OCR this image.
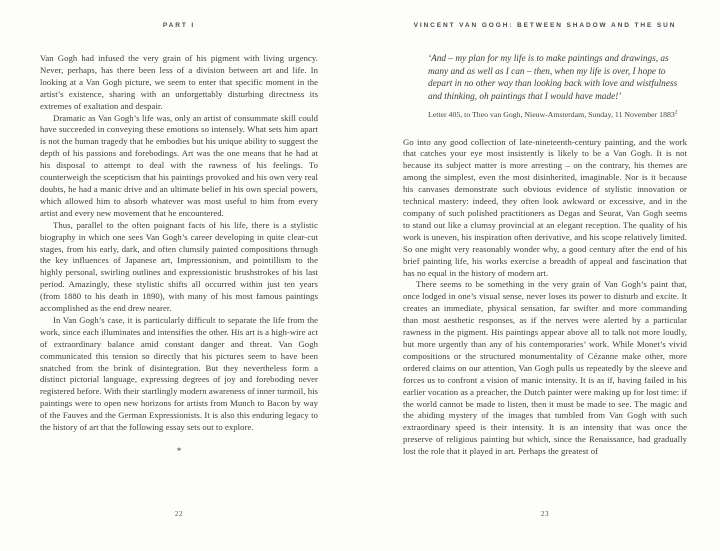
PART I

Van Gogh had infused the very grain of his pigment with living urgency. Never, perhaps, has there been less of a division between art and life. In looking at a Van Gogh picture, we seem to enter that specific moment in the artist’s existence, sharing with an unforgettably disturbing directness its extremes of exaltation and despair.

Dramatic as Van Gogh’s life was, only an artist of consummate skill could have succeeded in conveying these emotions so intensely. What sets him apart is not the human tragedy that he embodies but his unique ability to suggest the depth of his passions and forebodings. Art was the one means that he had at his disposal to attempt to deal with the rawness of his feelings. To counterweigh the scepticism that his paintings provoked and his own very real doubts, he had a manic drive and an ultimate belief in his own special powers, which allowed him to absorb whatever was most useful to him from every artist and every new movement that he encountered.

Thus, parallel to the often poignant facts of his life, there is a stylistic biography in which one sees Van Gogh’s career developing in quite clear-cut stages, from his early, dark, and often clumsily painted compositions through the key influences of Japanese art, Impressionism, and pointillism to the highly personal, swirling outlines and expressionistic brushstrokes of his last period. Amazingly, these stylistic shifts all occurred within just ten years (from 1880 to his death in 1890), with many of his most famous paintings accomplished as the end drew nearer.

In Van Gogh’s case, it is particularly difficult to separate the life from the work, since each illuminates and intensifies the other. His art is a high-wire act of extraordinary balance amid constant danger and threat. Van Gogh communicated this tension so directly that his pictures seem to have been snatched from the brink of disintegration. But they nevertheless form a distinct pictorial language, expressing degrees of joy and foreboding never registered before. With their startlingly modern awareness of inner turmoil, his paintings were to open new horizons for artists from Munch to Bacon by way of the Fauves and the German Expressionists. It is also this enduring legacy to the history of art that the following essay sets out to explore.

*
22
VINCENT VAN GOGH: BETWEEN SHADOW AND THE SUN

‘And – my plan for my life is to make paintings and drawings, as many and as well as I can – then, when my life is over, I hope to depart in no other way than looking back with love and wistfulness and thinking, oh paintings that I would have made!’

Letter 405, to Theo van Gogh, Nieuw-Amsterdam, Sunday, 11 November 1883$^2$

Go into any good collection of late-nineteenth-century painting, and the work that catches your eye most insistently is likely to be a Van Gogh. It is not because its subject matter is more arresting – on the contrary, his themes are among the simplest, even the most disinherited, imaginable. Nor is it because his canvases demonstrate such obvious evidence of stylistic innovation or technical mastery: indeed, they often look awkward or excessive, and in the company of such polished practitioners as Degas and Seurat, Van Gogh seems to stand out like a clumsy provincial at an elegant reception. The quality of his work is uneven, his inspiration often derivative, and his scope relatively limited. So one might very reasonably wonder why, a good century after the end of his brief painting life, his works exercise a breadth of appeal and fascination that has no equal in the history of modern art.

There seems to be something in the very grain of Van Gogh’s paint that, once lodged in one’s visual sense, never loses its power to disturb and excite. It creates an immediate, physical sensation, far swifter and more commanding than most aesthetic responses, as if the nerves were alerted by a particular rawness in the pigment. His paintings appear above all to talk not more loudly, but more urgently than any of his contemporaries’ work. While Monet’s vivid compositions or the structured monumentality of Cézanne make other, more ordered claims on our attention, Van Gogh pulls us repeatedly by the sleeve and forces us to confront a vision of manic intensity. It is as if, having failed in his earlier vocation as a preacher, the Dutch painter were making up for lost time: if the world cannot be made to listen, then it must be made to see. The magic and the abiding mystery of the images that tumbled from Van Gogh with such extraordinary speed is their intensity. It is an intensity that was once the preserve of religious painting but which, since the Renaissance, had gradually lost the role that it played in art. Perhaps the greatest of

23
